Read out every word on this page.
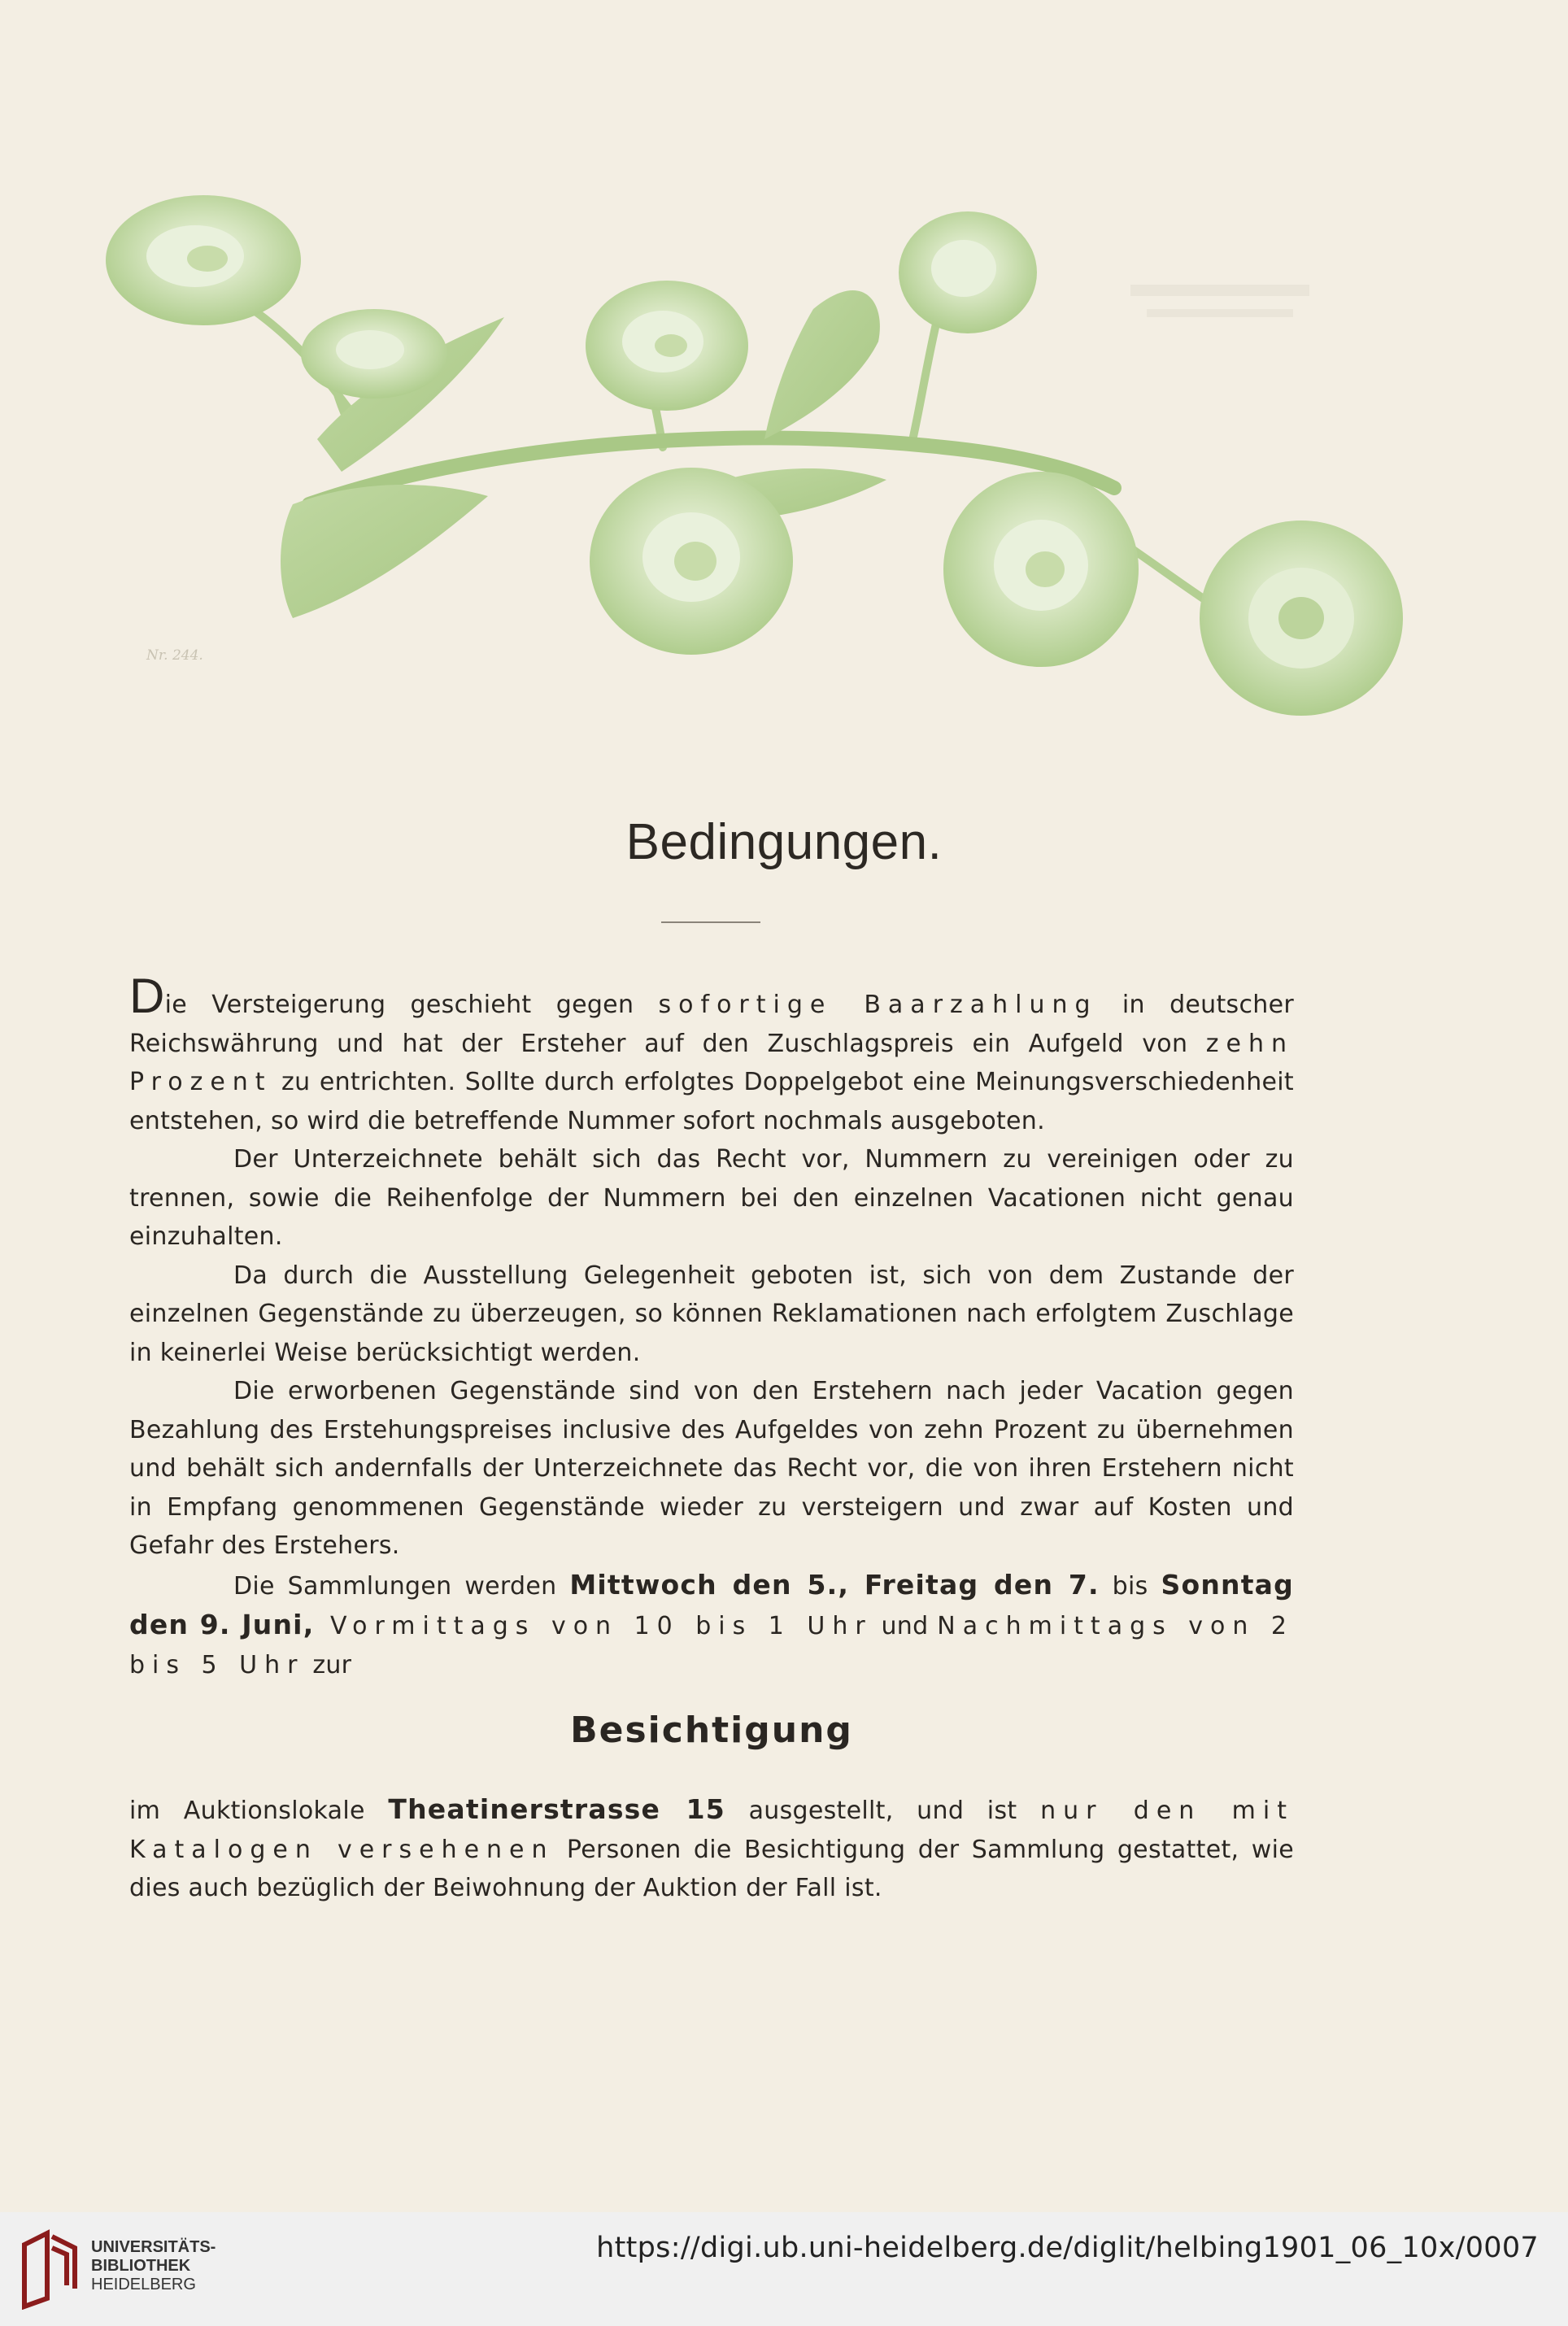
Nr. 244.
Bedingungen.

Die Versteigerung geschieht gegen sofortige Baarzahlung in deutscher Reichswährung und hat der Ersteher auf den Zuschlagspreis ein Aufgeld von zehn Prozent zu entrichten. Sollte durch erfolgtes Doppelgebot eine Meinungsverschiedenheit entstehen, so wird die betreffende Nummer sofort nochmals ausgeboten.

Der Unterzeichnete behält sich das Recht vor, Nummern zu vereinigen oder zu trennen, sowie die Reihenfolge der Nummern bei den einzelnen Vacationen nicht genau einzuhalten.

Da durch die Ausstellung Gelegenheit geboten ist, sich von dem Zustande der einzelnen Gegenstände zu überzeugen, so können Reklamationen nach erfolgtem Zuschlage in keinerlei Weise berücksichtigt werden.

Die erworbenen Gegenstände sind von den Erstehern nach jeder Vacation gegen Bezahlung des Erstehungspreises inclusive des Aufgeldes von zehn Prozent zu übernehmen und behält sich andernfalls der Unterzeichnete das Recht vor, die von ihren Erstehern nicht in Empfang genommenen Gegenstände wieder zu versteigern und zwar auf Kosten und Gefahr des Erstehers.

Die Sammlungen werden Mittwoch den 5., Freitag den 7. bis Sonntag den 9. Juni, Vormittags von 10 bis 1 Uhr und Nachmittags von 2 bis 5 Uhr zur

Besichtigung

im Auktionslokale Theatinerstrasse 15 ausgestellt, und ist nur den mit Katalogen versehenen Personen die Besichtigung der Sammlung gestattet, wie dies auch bezüglich der Beiwohnung der Auktion der Fall ist.

UNIVERSITÄTS-
BIBLIOTHEK
HEIDELBERG
https://digi.ub.uni-heidelberg.de/diglit/helbing1901_06_10x/0007
